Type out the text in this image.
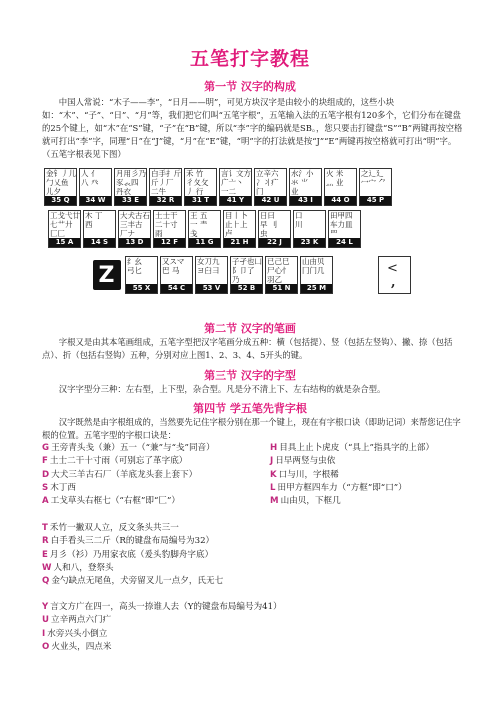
五笔打字教程
第一节 汉字的构成
中国人常说：“木子——李”，“日月——明”，可见方块汉字是由较小的块组成的，这些小块如：“木”、“子”、“日”、“月”等，我们把它们叫“五笔字根”，五笔输入法的五笔字根有120多个，它们分布在键盘的25个键上，如“木”在“S”键，“子”在“B”键，所以“李”字的编码就是SB。，您只要击打键盘“S”“B”两键再按空格就可打出“李”字，同理“日”在“J”键，“月”在“E”键，“明”字的打法就是按“J”“E”两键再按空格就可打出“明”字。（五笔字根表见下图）
金钅丿儿
勹乂鱼
儿夕
35 Q
人 亻
八 癶
34 W
月用彡乃
豕𧘇四
丹衣
33 E
白手扌斤
斤丿厂
二牛
32 R
禾 竹
彳夂攵
丿 行
31 T
言讠文方
广亠丶
一二
41 Y
立辛六
冫丬疒
门
42 U
水氵小
氺 ⺌
业
43 I
火 米
灬 业
44 O
之辶廴
冖宀 ⺈
45 P
工戈弋廿
七艹廾
匚匚
15 A
木 丁
西
14 S
大犬古石
三丰古
厂ナ
13 D
土士干
二十寸
雨
12 F
王 五
一 龶
戋
11 G
目丨卜
止⺊上
卢
21 H
日曰
早 刂
虫
22 J
口
川
23 K
田甲四
车力皿
罒
24 L
纟幺
弓匕
55 X
又スマ
巴 马
54 C
女刀九
ヨ臼彐
53 V
子孑也凵
阝卩了
乃
52 B
已己巳
尸心忄
羽乙
51 N
山由贝
冂门几
25 M
Z	<
,
第二节 汉字的笔画
字根又是由其本笔画组成，五笔字型把汉字笔画分成五种：横（包括提）、竖（包括左竖钩）、撇、捺（包括点）、折（包括右竖钩）五种，分别对应上图1、2、3、4、5开头的键。
第三节 汉字的字型
汉字字型分三种：左右型，上下型，杂合型。凡是分不清上下、左右结构的就是杂合型。
第四节 学五笔先背字根
汉字既然是由字根组成的，当然要先记住字根分别在那一个键上，现在有字根口诀（即助记词）来帮您记住字根的位置。五笔字型的字根口诀是：
G 王旁青头戋（兼）五一（“兼”与“戋”同音）
F 土士二干十寸雨（可别忘了革字底）
D 大犬三羊古石厂（羊底龙头套上套下）
S 木丁西
A 工戈草头右框七（“右框”即“匚”）
H 目具上止卜虎皮（“具上”指具字的上部）
J 日早两竖与虫依
K 口与川，字根稀
L 田甲方框四车力（“方框”即“口”）
M 山由贝，下框几
T 禾竹一撇双人立，反文条头共三一
R 白手看头三二斤（R的键盘布局编号为32）
E 月彡（衫）乃用家衣底（爰头豹脚舟字底）
W 人和八，登祭头
Q 金勺缺点无尾鱼，犬旁留叉儿一点夕，氏无七
Y 言文方广在四一，高头一捺谁人去（Y的键盘布局编号为41）
U 立辛两点六门疒
I 水旁兴头小倒立
O 火业头，四点米
